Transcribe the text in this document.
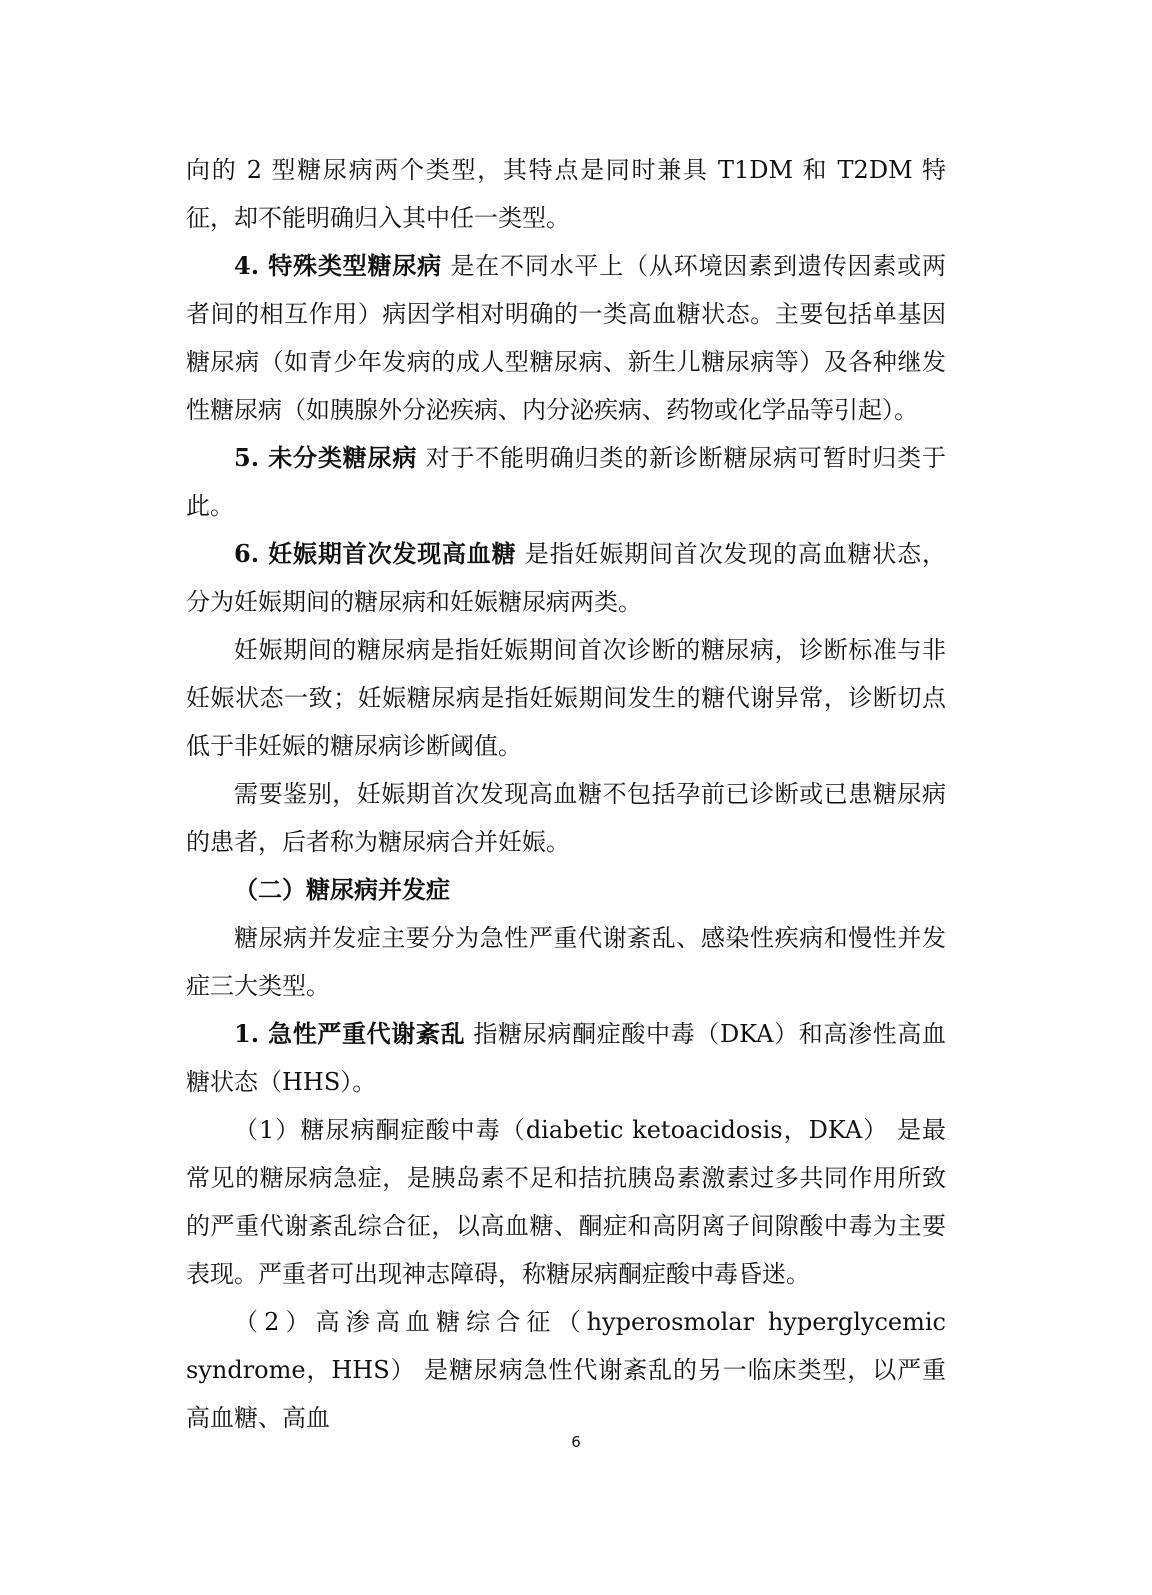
向的 2 型糖尿病两个类型，其特点是同时兼具 T1DM 和 T2DM 特征，却不能明确归入其中任一类型。

4. 特殊类型糖尿病 是在不同水平上（从环境因素到遗传因素或两者间的相互作用）病因学相对明确的一类高血糖状态。主要包括单基因糖尿病（如青少年发病的成人型糖尿病、新生儿糖尿病等）及各种继发性糖尿病（如胰腺外分泌疾病、内分泌疾病、药物或化学品等引起）。

5. 未分类糖尿病 对于不能明确归类的新诊断糖尿病可暂时归类于此。

6. 妊娠期首次发现高血糖 是指妊娠期间首次发现的高血糖状态，分为妊娠期间的糖尿病和妊娠糖尿病两类。

妊娠期间的糖尿病是指妊娠期间首次诊断的糖尿病，诊断标准与非妊娠状态一致；妊娠糖尿病是指妊娠期间发生的糖代谢异常，诊断切点低于非妊娠的糖尿病诊断阈值。

需要鉴别，妊娠期首次发现高血糖不包括孕前已诊断或已患糖尿病的患者，后者称为糖尿病合并妊娠。

（二）糖尿病并发症

糖尿病并发症主要分为急性严重代谢紊乱、感染性疾病和慢性并发症三大类型。

1. 急性严重代谢紊乱 指糖尿病酮症酸中毒（DKA）和高渗性高血糖状态（HHS）。

（1）糖尿病酮症酸中毒（diabetic ketoacidosis，DKA） 是最常见的糖尿病急症，是胰岛素不足和拮抗胰岛素激素过多共同作用所致的严重代谢紊乱综合征，以高血糖、酮症和高阴离子间隙酸中毒为主要表现。严重者可出现神志障碍，称糖尿病酮症酸中毒昏迷。

（2）高渗高血糖综合征（hyperosmolar hyperglycemic syndrome，HHS） 是糖尿病急性代谢紊乱的另一临床类型，以严重高血糖、高血

6
